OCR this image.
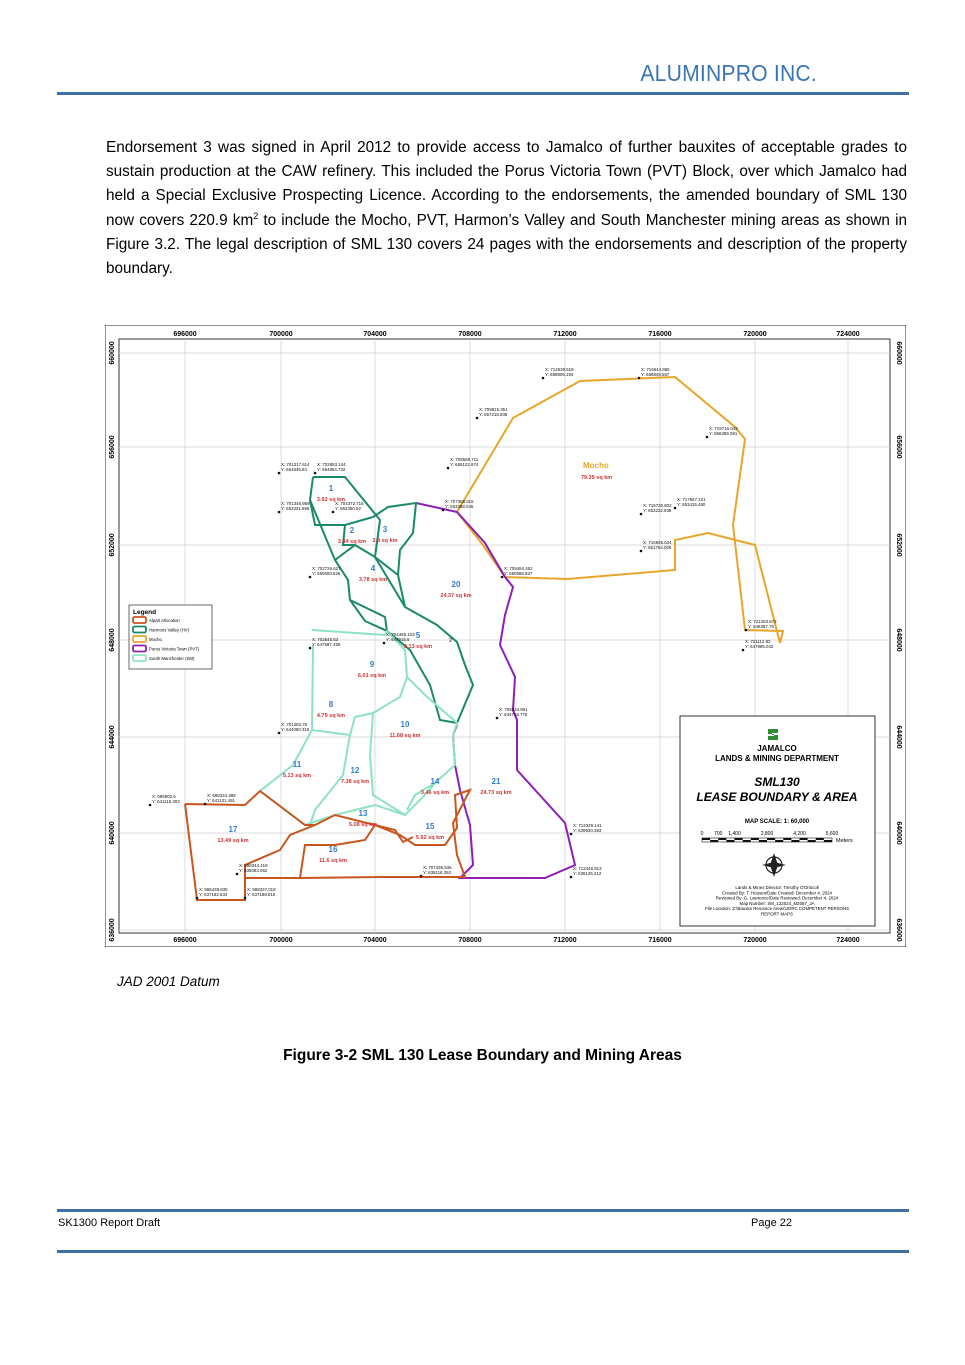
ALUMINPRO INC.
Endorsement 3 was signed in April 2012 to provide access to Jamalco of further bauxites of acceptable grades to sustain production at the CAW refinery. This included the Porus Victoria Town (PVT) Block, over which Jamalco had held a Special Exclusive Prospecting Licence. According to the endorsements, the amended boundary of SML 130 now covers 220.9 $km^2$ to include the Mocho, PVT, Harmon’s Valley and South Manchester mining areas as shown in Figure 3.2. The legal description of SML 130 covers 24 pages with the endorsements and description of the property boundary.
696000
696000
700000
700000
704000
704000
708000
708000
712000
712000
716000
716000
720000
720000
724000
724000
660000	660000
656000	656000
652000	652000
648000	648000
644000	644000
640000	640000
636000	636000
Legend
Alpart Allocation
Harmons Valley (HV)
Mocho
Porus Victoria Town (PVT)
South Manchester (SM)
1
3.92 sq km
2
3.34 sq km
3
2.8 sq km
4
3.78 sq km
5
9.13 sq km
2
8
4.79 sq km
9
6.01 sq km
10
11.68 sq km
11
5.13 sq km
12
7.38 sq km
13
5.08 sq km
14
3.46 sq km
15
5.62 sq km
16
11.6 sq km
17
13.49 sq km
20
24.37 sq km
21
24.73 sq km
Mocho
79.35 sq km
X: 712639.518
Y: 658806.194
X: 716644.886
Y: 658849.557
X: 709815.351
Y: 657218.839
X: 719716.043
Y: 656389.081
X: 701317.614
Y: 654845.94
X: 702853.144
Y: 654864.732
X: 708568.711
Y: 655122.874
X: 701346.959
Y: 653331.665
X: 704372.716
Y: 653350.62
X: 707368.315
Y: 653388.045	X: 716730.802
Y: 653232.938
X: 717667.101
Y: 653415.480
X: 716655.634
Y: 651764.009
X: 702726.627
Y: 650600.626
X: 709484.452
Y: 650588.837
X: 721263.672
Y: 648357.76
X: 721112.82
Y: 647995.042
X: 702545.53
Y: 647597.459
X: 704465.103
Y: 647915.6
X: 708634.961
Y: 644718.775
X: 701283.76
Y: 644090.319
X: 695902.6
Y: 641118.303
X: 698334.389
Y: 641131.491
X: 712329.141
Y: 639930.383
X: 698344.418
Y: 638083.062
X: 707436.536
Y: 638116.353
X: 712446.813
Y: 638125.212
X: 696438.835
Y: 637182.634
X: 698337.018
Y: 637188.816
JAMALCO
LANDS & MINING DEPARTMENT
SML130
LEASE BOUNDARY & AREA
MAP SCALE: 1: 60,000
0 700 1,400	2,800	4,200	5,600
Meters
Lands & Mines Director: Timothy O'Driscoll
Created By: T. Housen/Date Created: December 4, 2024
Reviewed By: G. Lawrence/Date Reviewed: December 4, 2024
Map Number: SM_122024_M2087_JA
File Location: Z:\Bauxite Resource Areas\JORC COMPETENT PERSONS
REPORT MAPS
JAD 2001 Datum
Figure 3-2 SML 130 Lease Boundary and Mining Areas
SK1300 Report Draft	Page 22
